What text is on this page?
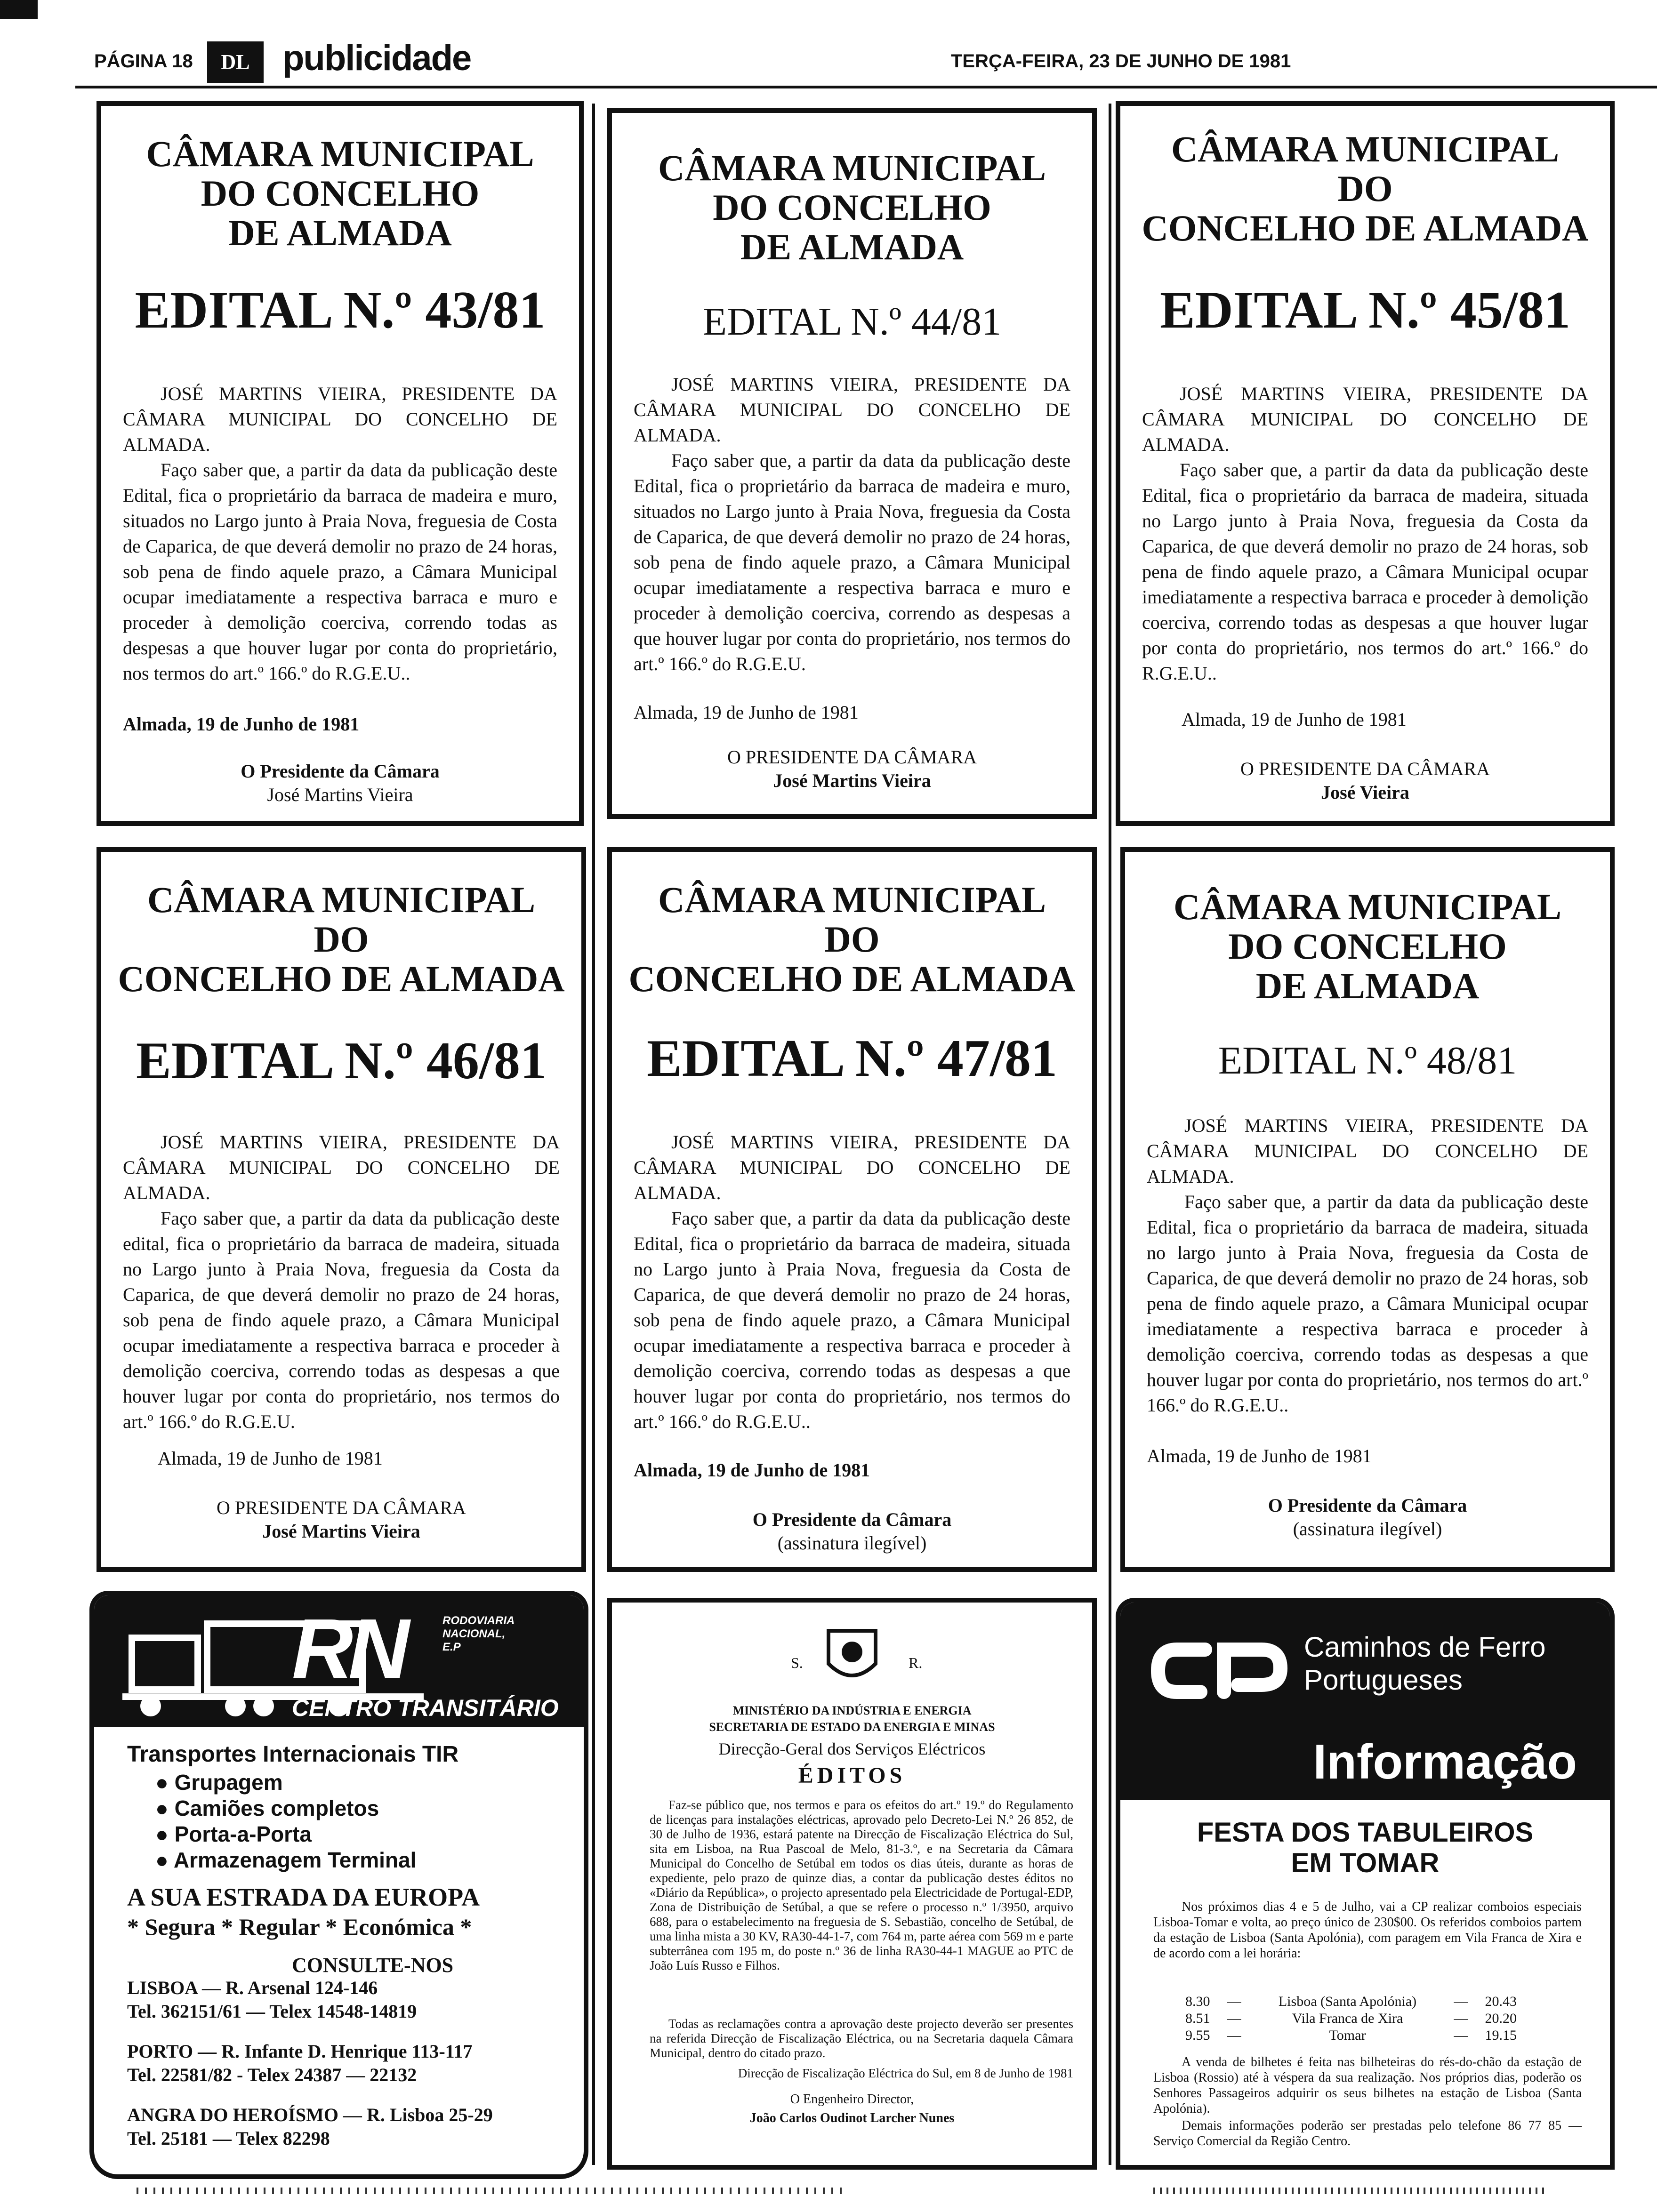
PÁGINA 18	DL publicidade	TERÇA-FEIRA, 23 DE JUNHO DE 1981
CÂMARA MUNICIPAL
DO CONCELHO
DE ALMADA
EDITAL N.º 43/81
JOSÉ MARTINS VIEIRA, PRESIDENTE DA CÂMARA MUNICIPAL DO CONCELHO DE ALMADA.
Faço saber que, a partir da data da publicação deste Edital, fica o proprietário da barraca de madeira e muro, situados no Largo junto à Praia Nova, freguesia de Costa de Caparica, de que deverá demolir no prazo de 24 horas, sob pena de findo aquele prazo, a Câmara Municipal ocupar imediatamente a respectiva barraca e muro e proceder à demolição coerciva, correndo todas as despesas a que houver lugar por conta do proprietário, nos termos do art.º 166.º do R.G.E.U..
Almada, 19 de Junho de 1981
O Presidente da Câmara
José Martins Vieira
CÂMARA MUNICIPAL
DO CONCELHO
DE ALMADA
EDITAL N.º 44/81
JOSÉ MARTINS VIEIRA, PRESIDENTE DA CÂMARA MUNICIPAL DO CONCELHO DE ALMADA.
Faço saber que, a partir da data da publicação deste Edital, fica o proprietário da barraca de madeira e muro, situados no Largo junto à Praia Nova, freguesia da Costa de Caparica, de que deverá demolir no prazo de 24 horas, sob pena de findo aquele prazo, a Câmara Municipal ocupar imediatamente a respectiva barraca e muro e proceder à demolição coerciva, correndo as despesas a que houver lugar por conta do proprietário, nos termos do art.º 166.º do R.G.E.U.
Almada, 19 de Junho de 1981
O PRESIDENTE DA CÂMARA
José Martins Vieira
CÂMARA MUNICIPAL
DO
CONCELHO DE ALMADA
EDITAL N.º 45/81
JOSÉ MARTINS VIEIRA, PRESIDENTE DA CÂMARA MUNICIPAL DO CONCELHO DE ALMADA.
Faço saber que, a partir da data da publicação deste Edital, fica o proprietário da barraca de madeira, situada no Largo junto à Praia Nova, freguesia da Costa da Caparica, de que deverá demolir no prazo de 24 horas, sob pena de findo aquele prazo, a Câmara Municipal ocupar imediatamente a respectiva barraca e proceder à demolição coerciva, correndo todas as despesas a que houver lugar por conta do proprietário, nos termos do art.º 166.º do R.G.E.U..
Almada, 19 de Junho de 1981
O PRESIDENTE DA CÂMARA
José Vieira
CÂMARA MUNICIPAL
DO
CONCELHO DE ALMADA
EDITAL N.º 46/81
JOSÉ MARTINS VIEIRA, PRESIDENTE DA CÂMARA MUNICIPAL DO CONCELHO DE ALMADA.
Faço saber que, a partir da data da publicação deste edital, fica o proprietário da barraca de madeira, situada no Largo junto à Praia Nova, freguesia da Costa da Caparica, de que deverá demolir no prazo de 24 horas, sob pena de findo aquele prazo, a Câmara Municipal ocupar imediatamente a respectiva barraca e proceder à demolição coerciva, correndo todas as despesas a que houver lugar por conta do proprietário, nos termos do art.º 166.º do R.G.E.U.
Almada, 19 de Junho de 1981
O PRESIDENTE DA CÂMARA
José Martins Vieira
CÂMARA MUNICIPAL
DO
CONCELHO DE ALMADA
EDITAL N.º 47/81
JOSÉ MARTINS VIEIRA, PRESIDENTE DA CÂMARA MUNICIPAL DO CONCELHO DE ALMADA.
Faço saber que, a partir da data da publicação deste Edital, fica o proprietário da barraca de madeira, situada no Largo junto à Praia Nova, freguesia da Costa de Caparica, de que deverá demolir no prazo de 24 horas, sob pena de findo aquele prazo, a Câmara Municipal ocupar imediatamente a respectiva barraca e proceder à demolição coerciva, correndo todas as despesas a que houver lugar por conta do proprietário, nos termos do art.º 166.º do R.G.E.U..
Almada, 19 de Junho de 1981
O Presidente da Câmara
(assinatura ilegível)
CÂMARA MUNICIPAL
DO CONCELHO
DE ALMADA
EDITAL N.º 48/81
JOSÉ MARTINS VIEIRA, PRESIDENTE DA CÂMARA MUNICIPAL DO CONCELHO DE ALMADA.
Faço saber que, a partir da data da publicação deste Edital, fica o proprietário da barraca de madeira, situada no largo junto à Praia Nova, freguesia da Costa de Caparica, de que deverá demolir no prazo de 24 horas, sob pena de findo aquele prazo, a Câmara Municipal ocupar imediatamente a respectiva barraca e proceder à demolição coerciva, correndo todas as despesas a que houver lugar por conta do proprietário, nos termos do art.º 166.º do R.G.E.U..
Almada, 19 de Junho de 1981
O Presidente da Câmara
(assinatura ilegível)
RN	RODOVIARIA NACIONAL, E.P
CENTRO TRANSITÁRIO
Transportes Internacionais TIR
● Grupagem
● Camiões completos
● Porta-a-Porta
● Armazenagem Terminal
A SUA ESTRADA DA EUROPA
* Segura * Regular * Económica *
CONSULTE-NOS
LISBOA — R. Arsenal 124-146
Tel. 362151/61 — Telex 14548-14819
PORTO — R. Infante D. Henrique 113-117
Tel. 22581/82 - Telex 24387 — 22132
ANGRA DO HEROÍSMO — R. Lisboa 25-29
Tel. 25181 — Telex 82298
S.	R.
MINISTÉRIO DA INDÚSTRIA E ENERGIA
SECRETARIA DE ESTADO DA ENERGIA E MINAS
Direcção-Geral dos Serviços Eléctricos
ÉDITOS
Faz-se público que, nos termos e para os efeitos do art.º 19.º do Regulamento de licenças para instalações eléctricas, aprovado pelo Decreto-Lei N.º 26 852, de 30 de Julho de 1936, estará patente na Direcção de Fiscalização Eléctrica do Sul, sita em Lisboa, na Rua Pascoal de Melo, 81-3.º, e na Secretaria da Câmara Municipal do Concelho de Setúbal em todos os dias úteis, durante as horas de expediente, pelo prazo de quinze dias, a contar da publicação destes éditos no «Diário da República», o projecto apresentado pela Electricidade de Portugal-EDP, Zona de Distribuição de Setúbal, a que se refere o processo n.º 1/3950, arquivo 688, para o estabelecimento na freguesia de S. Sebastião, concelho de Setúbal, de uma linha mista a 30 KV, RA30-44-1-7, com 764 m, parte aérea com 569 m e parte subterrânea com 195 m, do poste n.º 36 de linha RA30-44-1 MAGUE ao PTC de João Luís Russo e Filhos.
Todas as reclamações contra a aprovação deste projecto deverão ser presentes na referida Direcção de Fiscalização Eléctrica, ou na Secretaria daquela Câmara Municipal, dentro do citado prazo.
Direcção de Fiscalização Eléctrica do Sul, em 8 de Junho de 1981
O Engenheiro Director,
João Carlos Oudinot Larcher Nunes
Caminhos de Ferro
Portugueses
Informação
FESTA DOS TABULEIROS
EM TOMAR
Nos próximos dias 4 e 5 de Julho, vai a CP realizar comboios especiais Lisboa-Tomar e volta, ao preço único de 230$00. Os referidos comboios partem da estação de Lisboa (Santa Apolónia), com paragem em Vila Franca de Xira e de acordo com a lei horária:
8.30	—	Lisboa (Santa Apolónia)	—	20.43
8.51	—	Vila Franca de Xira	—	20.20
9.55	—	Tomar	—	19.15
A venda de bilhetes é feita nas bilheteiras do rés-do-chão da estação de Lisboa (Rossio) até à véspera da sua realização. Nos próprios dias, poderão os Senhores Passageiros adquirir os seus bilhetes na estação de Lisboa (Santa Apolónia).
Demais informações poderão ser prestadas pelo telefone 86 77 85 — Serviço Comercial da Região Centro.
